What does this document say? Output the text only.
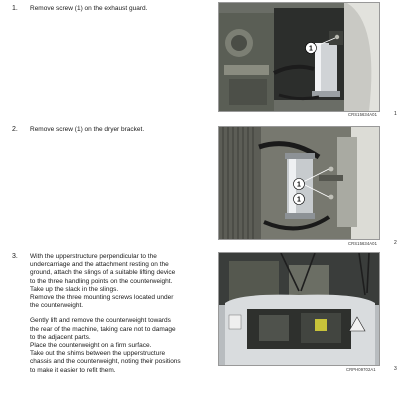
1. Remove screw (1) on the exhaust guard.

1
CRS15634A01	1
2. Remove screw (1) on the dryer bracket.

1
1
CRS15634A01	2
3. With the upperstructure perpendicular to the

undercarriage and the attachment resting on the

ground, attach the slings of a suitable lifting device

to the three handling points on the counterweight.

Take up the slack in the slings.

Remove the three mounting screws located under

the counterweight.

Gently lift and remove the counterweight towards

the rear of the machine, taking care not to damage

to the adjacent parts.

Place the counterweight on a firm surface.

Take out the shims between the upperstructure

chassis and the counterweight, noting their positions

to make it easier to refit them.	CRPH09702A1	3
